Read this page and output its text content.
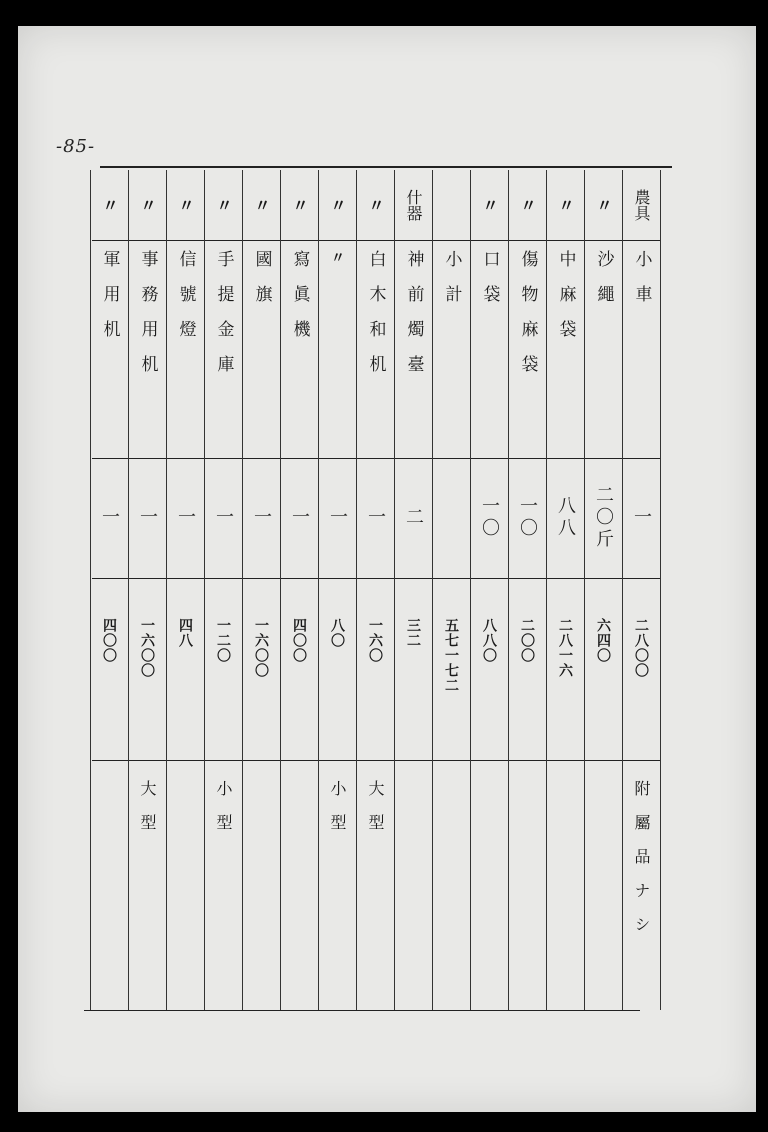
-85-
農具
小車
一
二八〇〇
附屬品ナシ
〃
沙繩
二〇斤
六四〇
〃
中麻袋
八八
二八一六
〃
傷物麻袋
一〇
二〇〇
〃
口袋
一〇
八八〇
小計
五七一七二
什器
神前燭臺
二
三二
〃
白木和机
一
一六〇
大型
〃
〃
一
八〇
小型
〃
寫眞機
一
四〇〇
〃
國旗
一
一六〇〇
〃
手提金庫
一
一二〇
小型
〃
信號燈
一
四八
〃
事務用机
一
一六〇〇
大型
〃
軍用机
一
四〇〇
